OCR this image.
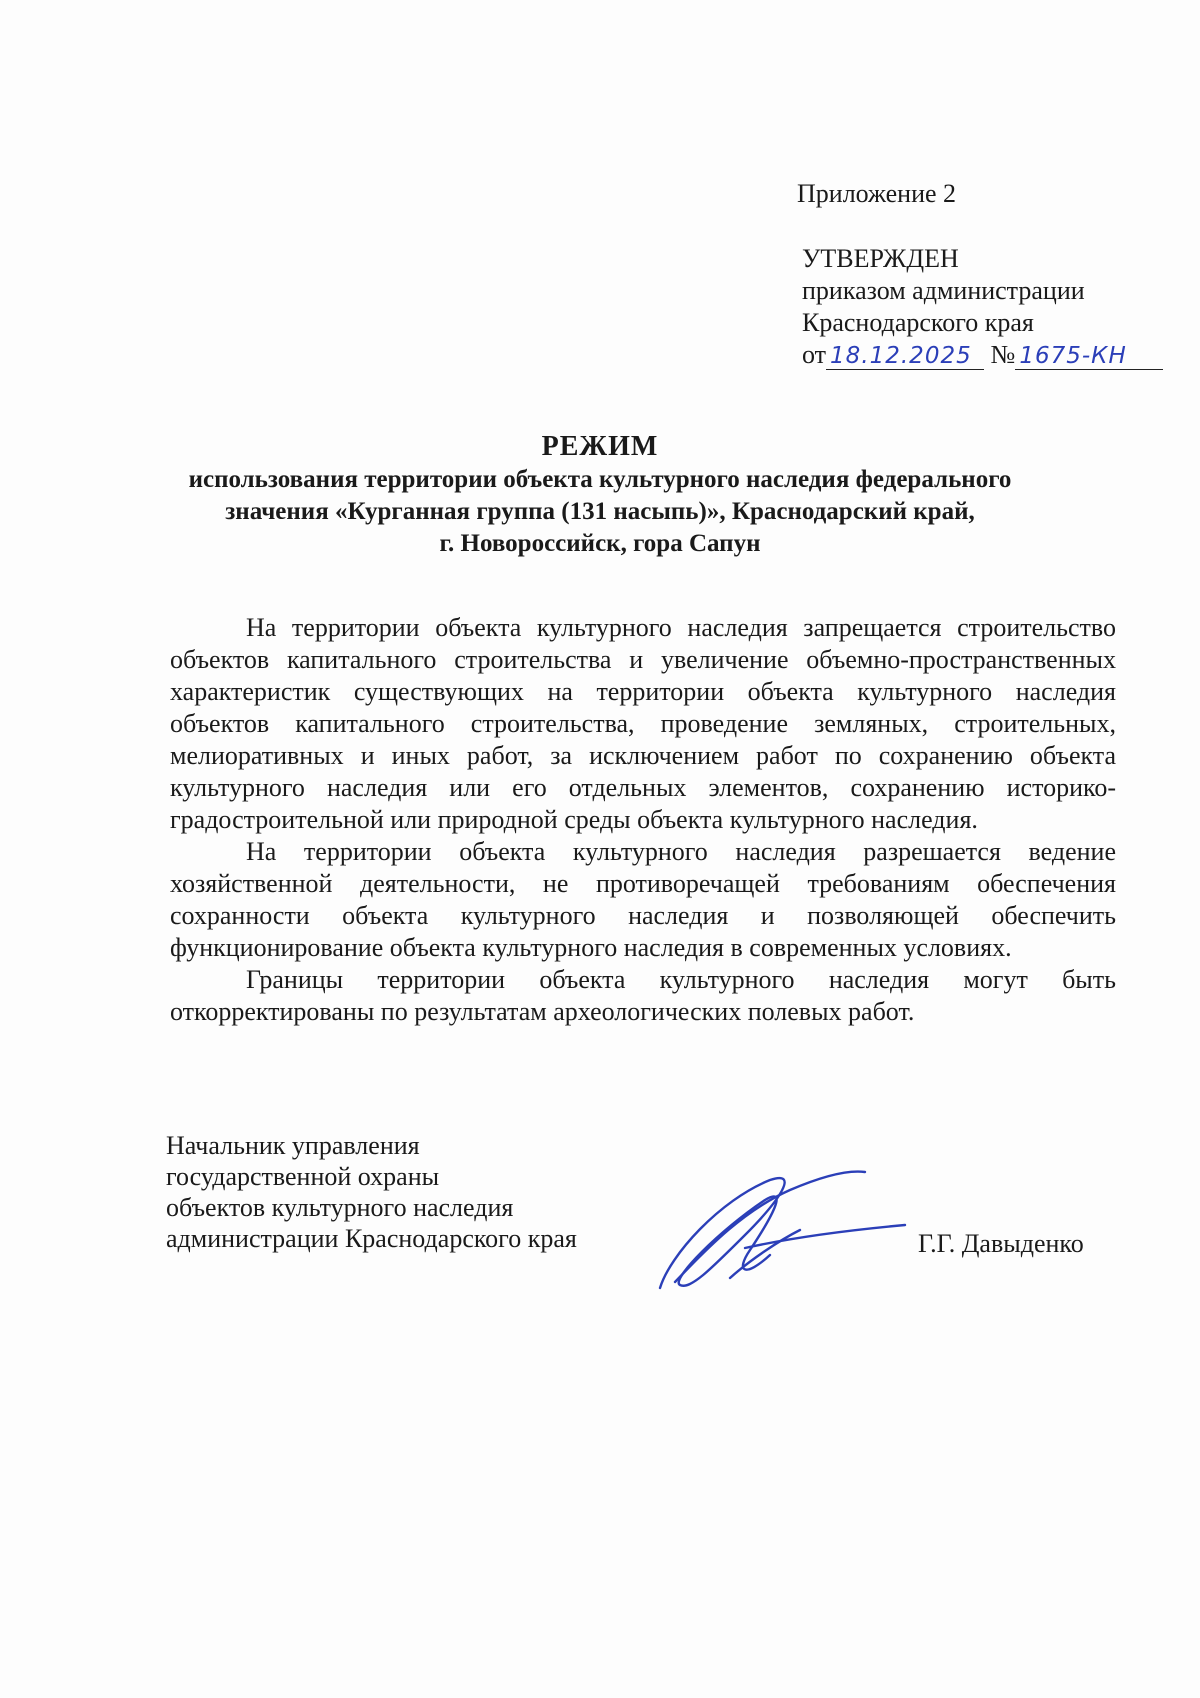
Приложение 2
УТВЕРЖДЕН
приказом администрации
Краснодарского края
от 18.12.2025 № 1675-КН
РЕЖИМ
использования территории объекта культурного наследия федерального
значения «Курганная группа (131 насыпь)», Краснодарский край,
г. Новороссийск, гора Сапун

На территории объекта культурного наследия запрещается строительство объектов капитального строительства и увеличение объемно-пространственных характеристик существующих на территории объекта культурного наследия объектов капитального строительства, проведение земляных, строительных, мелиоративных и иных работ, за исключением работ по сохранению объекта культурного наследия или его отдельных элементов, сохранению историко-градостроительной или природной среды объекта культурного наследия.

На территории объекта культурного наследия разрешается ведение хозяйственной деятельности, не противоречащей требованиям обеспечения сохранности объекта культурного наследия и позволяющей обеспечить функционирование объекта культурного наследия в современных условиях.

Границы территории объекта культурного наследия могут быть откорректированы по результатам археологических полевых работ.

Начальник управления
государственной охраны
объектов культурного наследия
администрации Краснодарского края	Г.Г. Давыденко
